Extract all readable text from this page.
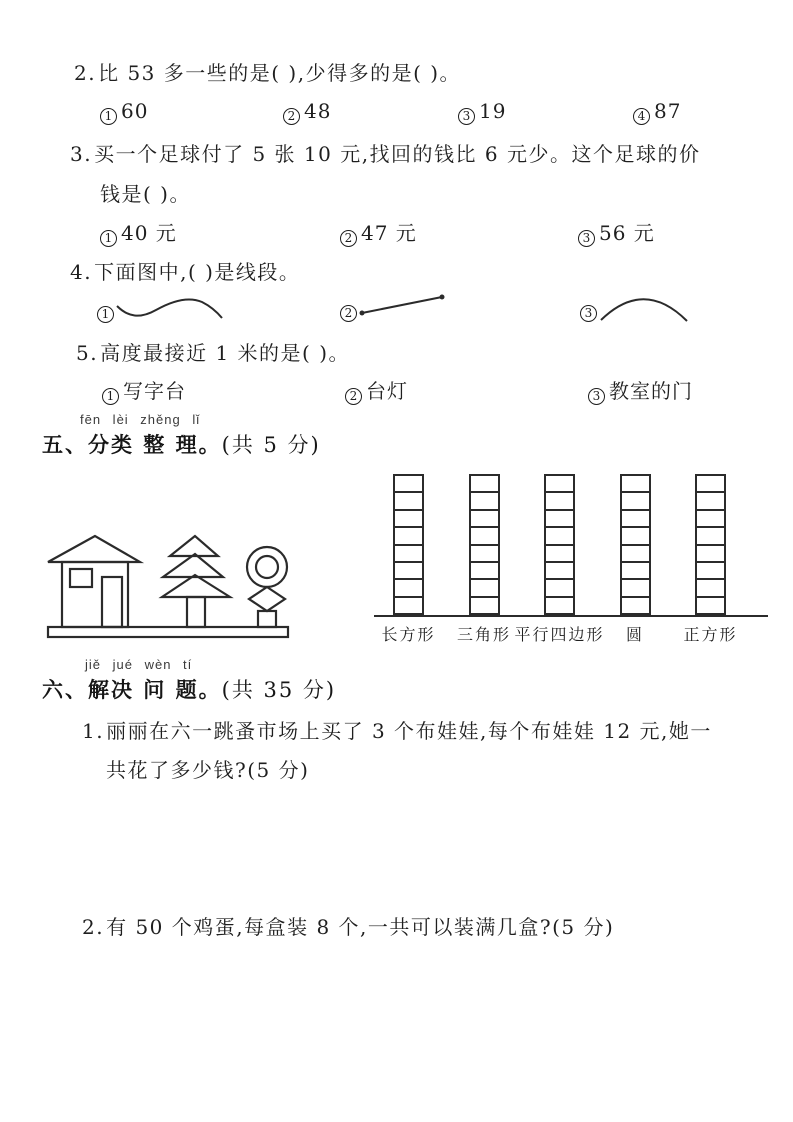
2. 比 53 多一些的是( ),少得多的是( )。
1 60	2 48	3 19	4 87
3. 买一个足球付了 5 张 10 元,找回的钱比 6 元少。这个足球的价
钱是( )。
1 40 元	2 47 元	3 56 元
4. 下面图中,( )是线段。
1	2	3
5. 高度最接近 1 米的是( )。
1 写字台	2 台灯	3 教室的门
fēn lèi zhěng lǐ
五、分类 整 理。(共 5 分)
长方形	三角形 平行四边形	圆	正方形
jiě jué wèn tí
六、解决 问 题。(共 35 分)
1. 丽丽在六一跳蚤市场上买了 3 个布娃娃,每个布娃娃 12 元,她一
共花了多少钱?(5 分)
2. 有 50 个鸡蛋,每盒装 8 个,一共可以装满几盒?(5 分)
